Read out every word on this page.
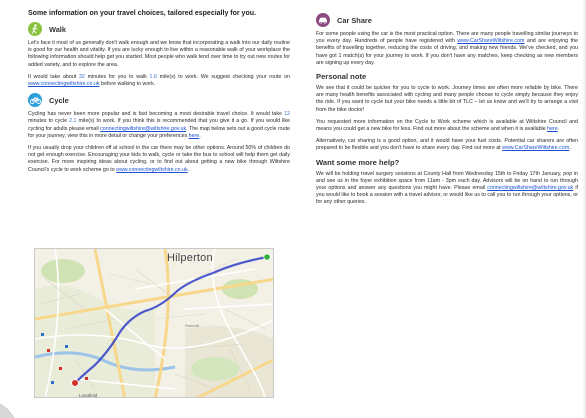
Some information on your travel choices, tailored especially for you.
Walk

Let's face it most of us generally don't walk enough and we know that incorporating a walk into our daily routine is good for our health and vitality. If you are lucky enough to live within a reasonable walk of your workplace the following information should help get you started. Most people who walk tend over time to try out new routes for added variety, and to explore the area.

It would take about 32 minutes for you to walk 1.6 mile(s) to work. We suggest checking your route on www.connectingwiltshire.co.uk before walking to work.

Cycle

Cycling has never been more popular and is fast becoming a most desirable travel choice. It would take 12 minutes to cycle 2.1 mile(s) to work. If you think this is recommended that you give it a go. If you would like cycling for adults please email connectingwiltshire@wiltshire.gov.uk. The map below sets out a good cycle route for your journey, view this in more detail or change your preferences here.

If you usually drop your children off at school in the car there may be other options. Around 50% of children do not get enough exercise. Encouraging your kids to walk, cycle or take the bus to school will help them get daily exercise. For more inspiring ideas about cycling, or to find out about getting a new bike through Wiltshire Council's cycle to work scheme go to www.connectingwiltshire.co.uk.

Longfield
Paxcroft
Hilperton
Car Share

For some people using the car is the most practical option. There are many people travelling similar journeys to you every day. Hundreds of people have registered with www.CarShareWiltshire.com and are enjoying the benefits of travelling together, reducing the costs of driving, and making new friends. We've checked, and you have got 1 match(s) for your journey to work. If you don't have any matches, keep checking as new members are signing up every day.

Personal note

We see that it could be quicker for you to cycle to work. Journey times are often more reliable by bike. There are many health benefits associated with cycling and many people choose to cycle simply because they enjoy the ride. If you want to cycle but your bike needs a little bit of TLC – let us know and we'll try to arrange a visit from the bike doctor!

You requested more information on the Cycle to Work scheme which is available at Wiltshire Council and means you could get a new bike for less. Find out more about the scheme and when it is available here.

Alternatively, car sharing is a good option, and it would have your fuel costs. Potential car sharers are often prepared to be flexible and you don't have to share every day. Find out more at www.CarShareWiltshire.com.

Want some more help?

We will be holding travel surgery sessions at County Hall from Wednesday 15th to Friday 17th January, pop in and see us in the foyer exhibition space from 11am - 3pm each day. Advisors will be on hand to run through your options and answer any questions you might have. Please email connectingwiltshire@wiltshire.gov.uk if you would like to book a session with a travel advisor, or would like us to call you to run through your options, or for any other queries.
